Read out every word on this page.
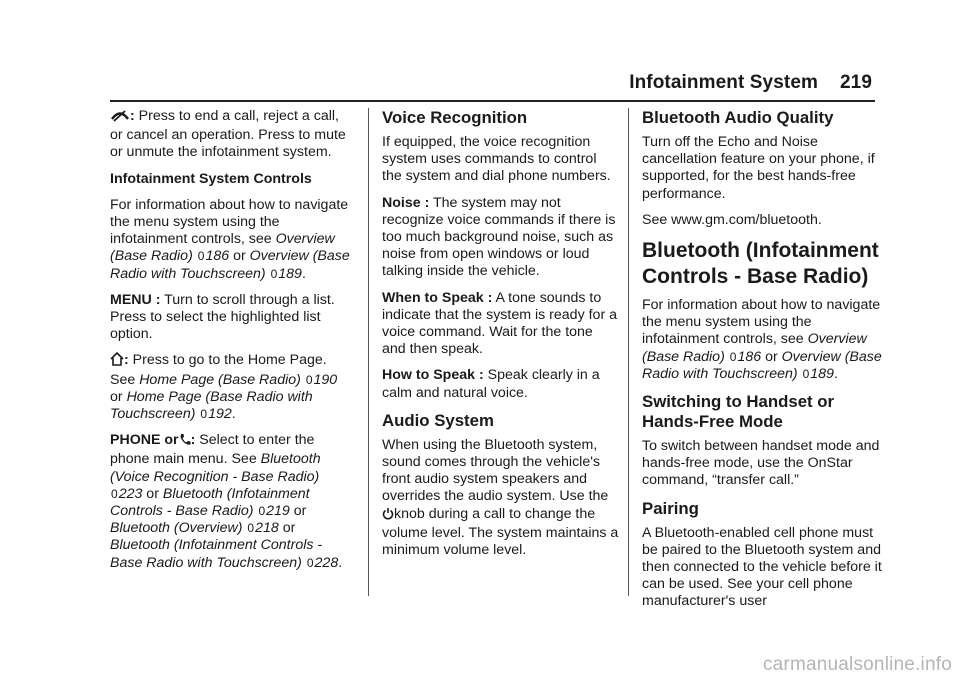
Infotainment System 219

: Press to end a call, reject a call, or cancel an operation. Press to mute or unmute the infotainment system.

Infotainment System Controls

For information about how to navigate the menu system using the infotainment controls, see Overview (Base Radio) 0186 or Overview (Base Radio with Touchscreen) 0189.

MENU : Turn to scroll through a list. Press to select the highlighted list option.

: Press to go to the Home Page. See Home Page (Base Radio) 0190 or Home Page (Base Radio with Touchscreen) 0192.

PHONE or : Select to enter the phone main menu. See Bluetooth (Voice Recognition - Base Radio) 0223 or Bluetooth (Infotainment Controls - Base Radio) 0219 or Bluetooth (Overview) 0218 or Bluetooth (Infotainment Controls - Base Radio with Touchscreen) 0228.

Voice Recognition

If equipped, the voice recognition system uses commands to control the system and dial phone numbers.

Noise : The system may not recognize voice commands if there is too much background noise, such as noise from open windows or loud talking inside the vehicle.

When to Speak : A tone sounds to indicate that the system is ready for a voice command. Wait for the tone and then speak.

How to Speak : Speak clearly in a calm and natural voice.

Audio System

When using the Bluetooth system, sound comes through the vehicle's front audio system speakers and overrides the audio system. Use the knob during a call to change the volume level. The system maintains a minimum volume level.

Bluetooth Audio Quality

Turn off the Echo and Noise cancellation feature on your phone, if supported, for the best hands-free performance.

See www.gm.com/bluetooth.

Bluetooth (Infotainment Controls - Base Radio)

For information about how to navigate the menu system using the infotainment controls, see Overview (Base Radio) 0186 or Overview (Base Radio with Touchscreen) 0189.

Switching to Handset or Hands-Free Mode

To switch between handset mode and hands-free mode, use the OnStar command, “transfer call.”

Pairing

A Bluetooth-enabled cell phone must be paired to the Bluetooth system and then connected to the vehicle before it can be used. See your cell phone manufacturer's user

carmanualsonline.info
